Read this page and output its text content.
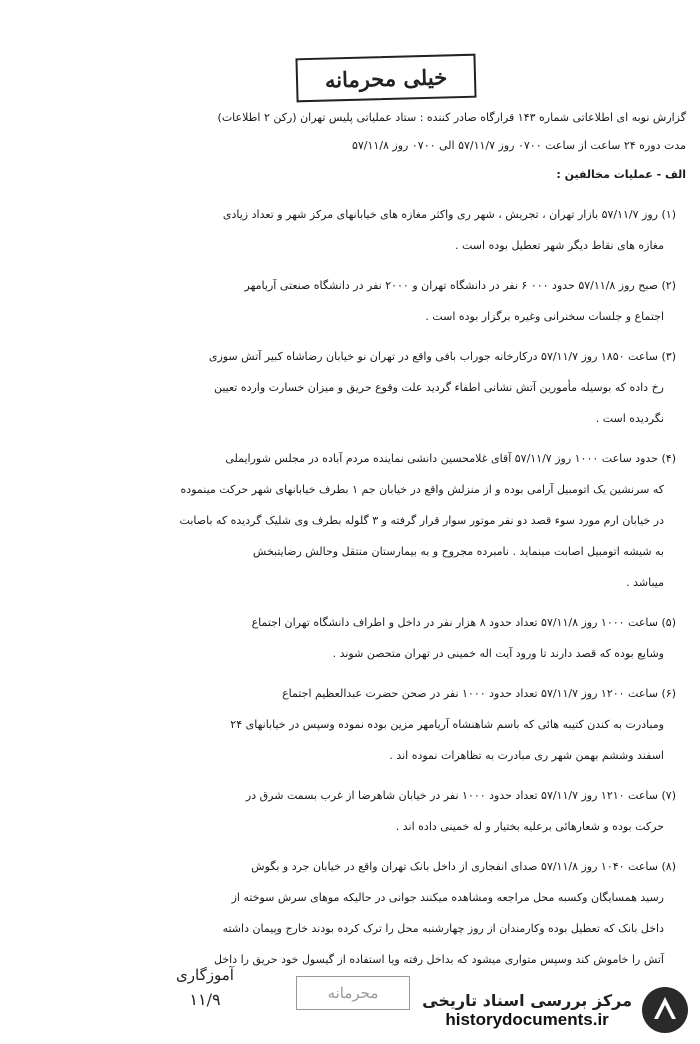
خیلی محرمانه
گزارش نوبه ای اطلاعاتی شماره ۱۴۳ قرارگاه صادر کننده : ستاد عملیاتی پلیس تهران (رکن ۲ اطلاعات)
مدت دوره ۲۴ ساعت از ساعت ۰۷۰۰ روز ۵۷/۱۱/۷ الی ۰۷۰۰ روز ۵۷/۱۱/۸
الف - عملیات مخالفین :
(۱) روز ۵۷/۱۱/۷ بازار تهران ، تجریش ، شهر ری واکثر مغازه های خیابانهای مرکز شهر و تعداد زیادی
مغازه های نقاط دیگر شهر تعطیل بوده است .
(۲) صبح روز ۵۷/۱۱/۸ حدود ۰۰۰ ۶ نفر در دانشگاه تهران و ۲۰۰۰ نفر در دانشگاه صنعتی آریامهر
اجتماع و جلسات سخنرانی وغیره برگزار بوده است .
(۳) ساعت ۱۸۵۰ روز ۵۷/۱۱/۷ درکارخانه جوراب بافی واقع در تهران نو خیابان رضاشاه کبیر آتش سوزی
رخ داده که بوسیله مأمورین آتش نشانی اطفاء گردید علت وقوع حریق و میزان خسارت وارده تعیین
نگردیده است .
(۴) حدود ساعت ۱۰۰۰ روز ۵۷/۱۱/۷ آقای غلامحسین دانشی نماینده مردم آباده در مجلس شورایملی
که سرنشین یک اتومبیل آرامی بوده و از منزلش واقع در خیابان جم ۱ بطرف خیابانهای شهر حرکت مینموده
در خیابان ارم مورد سوء قصد دو نفر موتور سوار قرار گرفته و ۳ گلوله بطرف وی شلیک گردیده که باصابت
به شیشه اتومبیل اصابت مینماید . نامبرده مجروح و به بیمارستان منتقل وحالش رضایتبخش
میباشد .
(۵) ساعت ۱۰۰۰ روز ۵۷/۱۱/۸ تعداد حدود ۸ هزار نفر در داخل و اطراف دانشگاه تهران اجتماع
وشایع بوده که قصد دارند تا ورود آیت اله خمینی در تهران متحصن شوند .
(۶) ساعت ۱۲۰۰ روز ۵۷/۱۱/۷ تعداد حدود ۱۰۰۰ نفر در صحن حضرت عبدالعظیم اجتماع
ومبادرت به کندن کتیبه هائی که باسم شاهنشاه آریامهر مزین بوده نموده وسپس در خیابانهای ۲۴
اسفند وششم بهمن شهر ری مبادرت به تظاهرات نموده اند .
(۷) ساعت ۱۲۱۰ روز ۵۷/۱۱/۷ تعداد حدود ۱۰۰۰ نفر در خیابان شاهرضا از غرب بسمت شرق در
حرکت بوده و شعارهائی برعلیه بختیار و له خمینی داده اند .
(۸) ساعت ۱۰۴۰ روز ۵۷/۱۱/۸ صدای انفجاری از داخل بانک تهران واقع در خیابان جرد و بگوش
رسید همسایگان وکسبه محل مراجعه ومشاهده میکنند جوانی در حالیکه موهای سرش سوخته از
داخل بانک که تعطیل بوده وکارمندان از روز چهارشنبه محل را ترک کرده بودند خارج وپیمان داشته
آتش را خاموش کند وسپس متواری میشود که بداخل رفته ویا استفاده از گیسول خود حریق را داخل
آموزگاری
۱۱/۹	محرمانه	مرکز بررسی اسناد تاریخی
historydocuments.ir
